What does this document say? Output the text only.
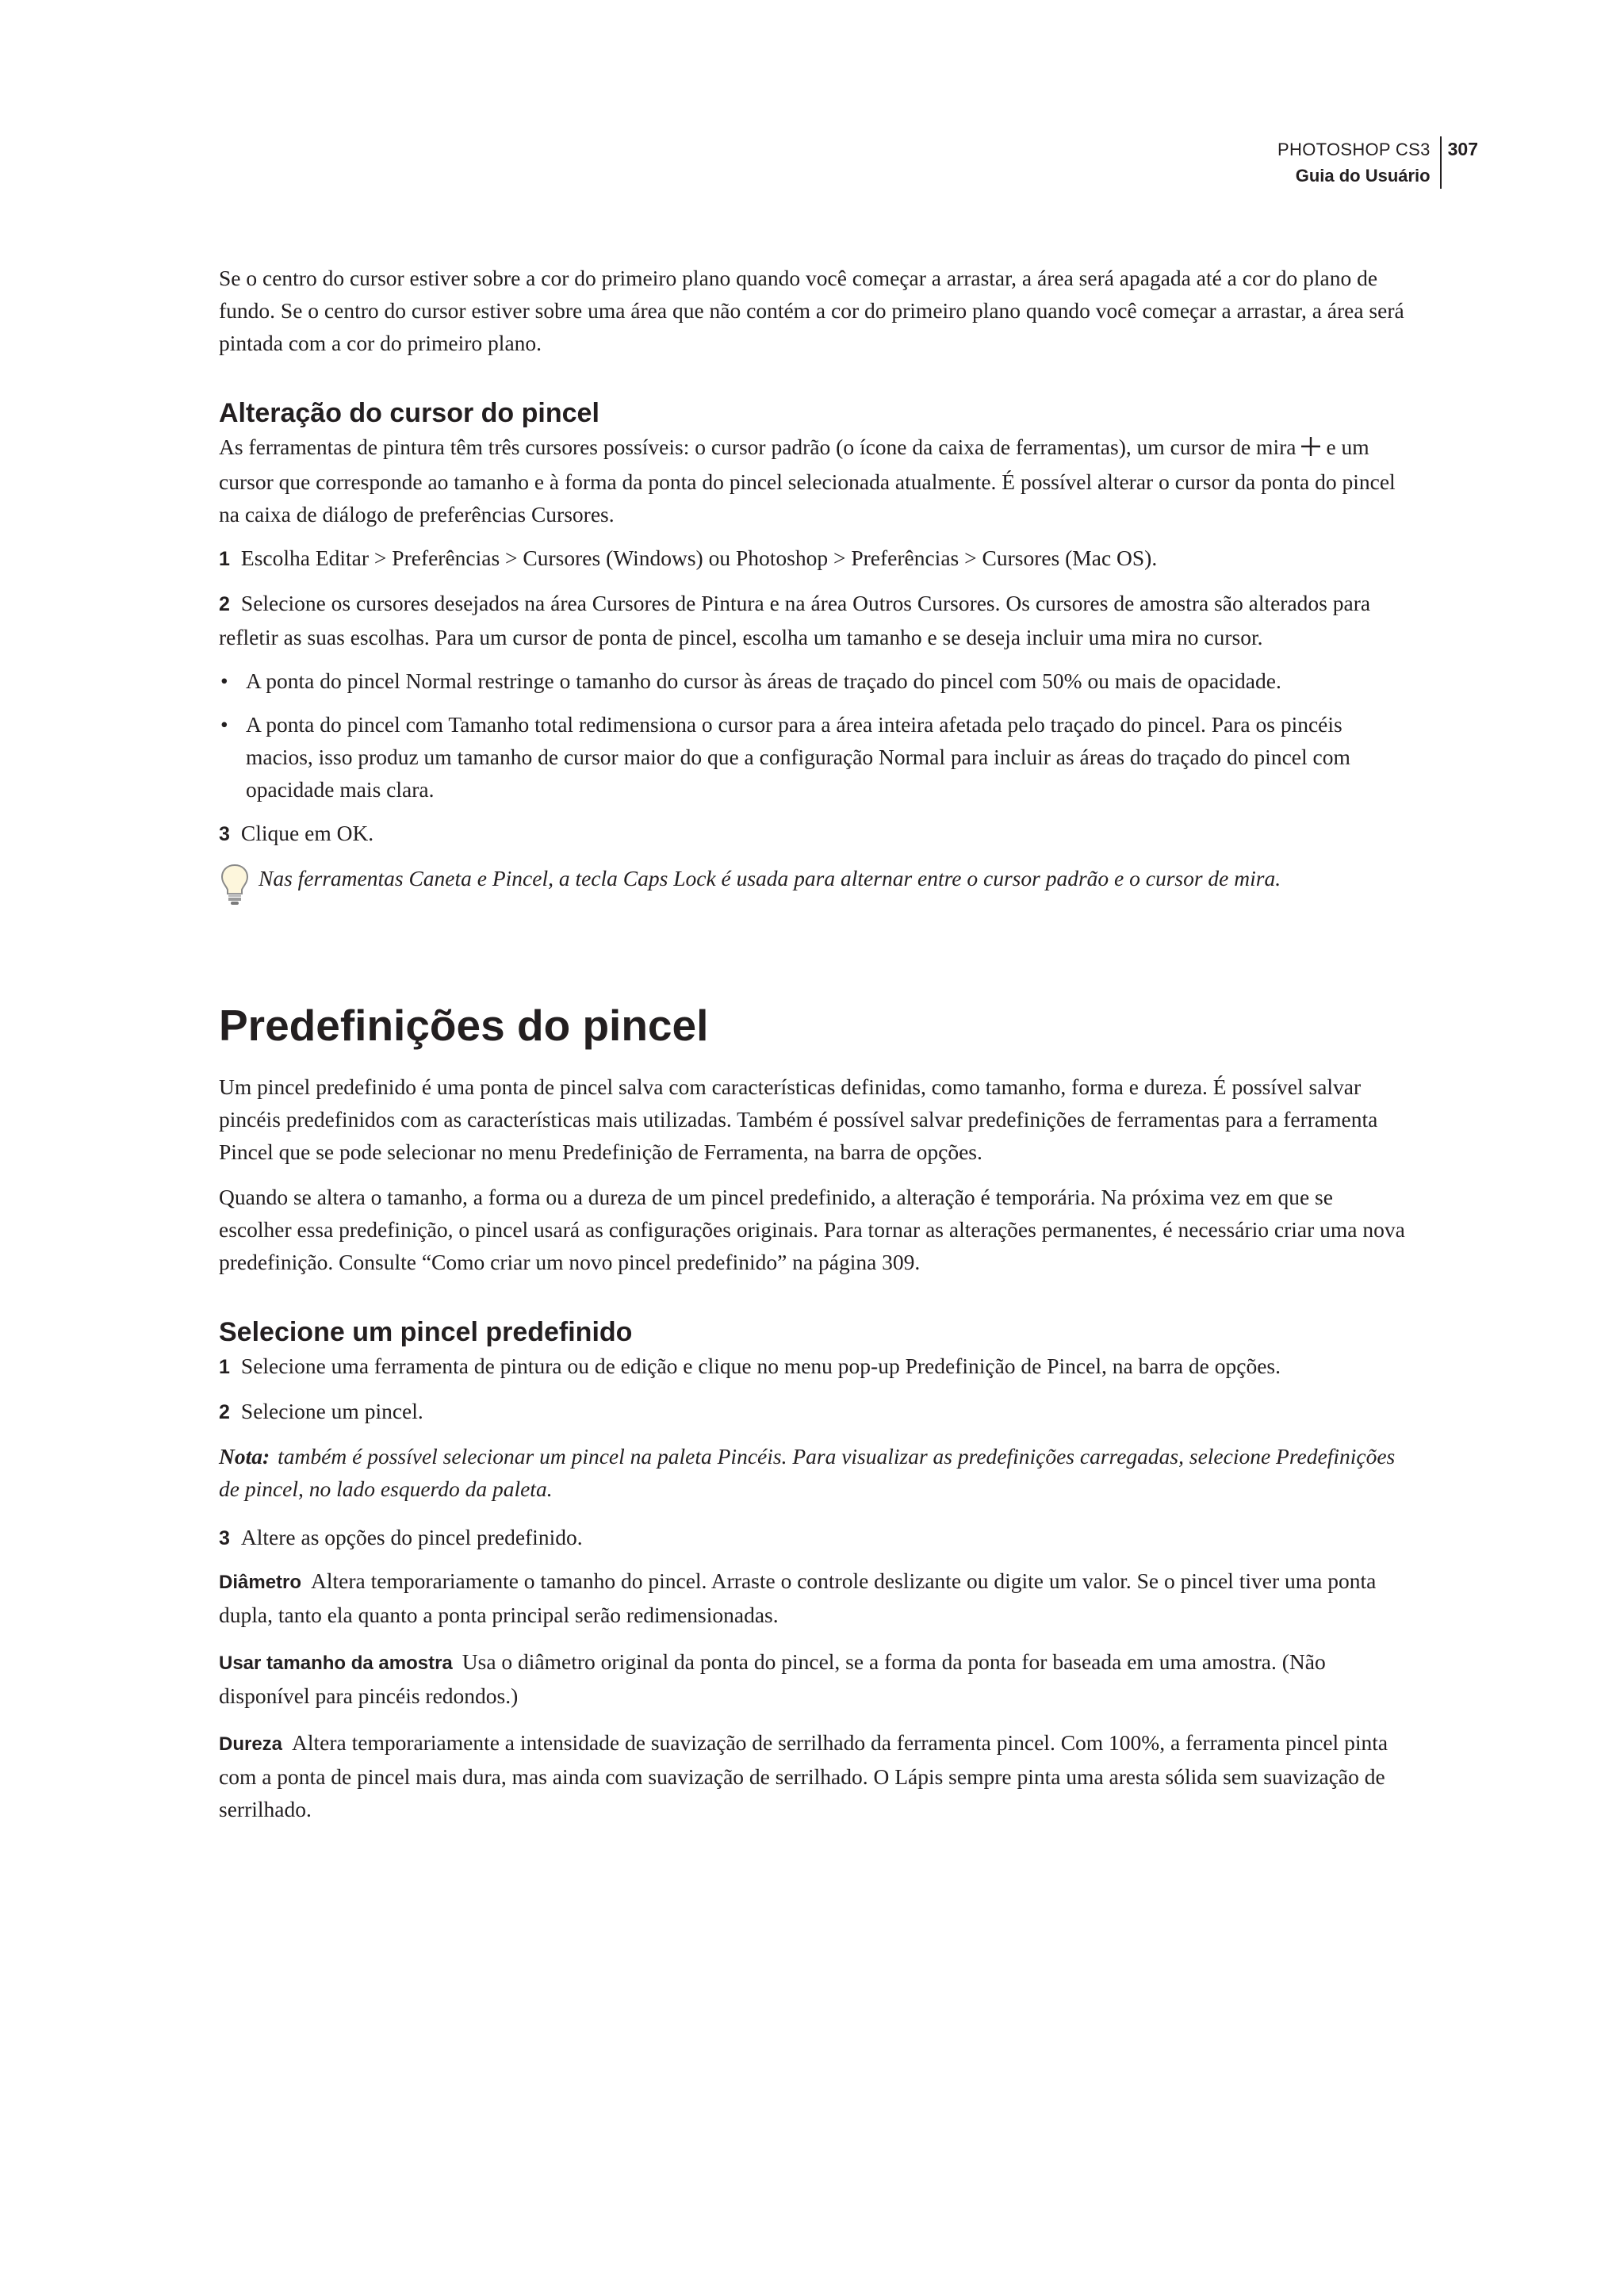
PHOTOSHOP CS3
Guia do Usuário
307

Se o centro do cursor estiver sobre a cor do primeiro plano quando você começar a arrastar, a área será apagada até a cor do plano de fundo. Se o centro do cursor estiver sobre uma área que não contém a cor do primeiro plano quando você começar a arrastar, a área será pintada com a cor do primeiro plano.

Alteração do cursor do pincel

As ferramentas de pintura têm três cursores possíveis: o cursor padrão (o ícone da caixa de ferramentas), um cursor de mira e um cursor que corresponde ao tamanho e à forma da ponta do pincel selecionada atualmente. É possível alterar o cursor da ponta do pincel na caixa de diálogo de preferências Cursores.

1 Escolha Editar > Preferências > Cursores (Windows) ou Photoshop > Preferências > Cursores (Mac OS).

2 Selecione os cursores desejados na área Cursores de Pintura e na área Outros Cursores. Os cursores de amostra são alterados para refletir as suas escolhas. Para um cursor de ponta de pincel, escolha um tamanho e se deseja incluir uma mira no cursor.

• A ponta do pincel Normal restringe o tamanho do cursor às áreas de traçado do pincel com 50% ou mais de opacidade.

• A ponta do pincel com Tamanho total redimensiona o cursor para a área inteira afetada pelo traçado do pincel. Para os pincéis macios, isso produz um tamanho de cursor maior do que a configuração Normal para incluir as áreas do traçado do pincel com opacidade mais clara.

3 Clique em OK.

Nas ferramentas Caneta e Pincel, a tecla Caps Lock é usada para alternar entre o cursor padrão e o cursor de mira.

Predefinições do pincel

Um pincel predefinido é uma ponta de pincel salva com características definidas, como tamanho, forma e dureza. É possível salvar pincéis predefinidos com as características mais utilizadas. Também é possível salvar predefinições de ferramentas para a ferramenta Pincel que se pode selecionar no menu Predefinição de Ferramenta, na barra de opções.

Quando se altera o tamanho, a forma ou a dureza de um pincel predefinido, a alteração é temporária. Na próxima vez em que se escolher essa predefinição, o pincel usará as configurações originais. Para tornar as alterações permanentes, é necessário criar uma nova predefinição. Consulte “Como criar um novo pincel predefinido” na página 309.

Selecione um pincel predefinido

1 Selecione uma ferramenta de pintura ou de edição e clique no menu pop-up Predefinição de Pincel, na barra de opções.

2 Selecione um pincel.

Nota: também é possível selecionar um pincel na paleta Pincéis. Para visualizar as predefinições carregadas, selecione Predefinições de pincel, no lado esquerdo da paleta.

3 Altere as opções do pincel predefinido.

Diâmetro Altera temporariamente o tamanho do pincel. Arraste o controle deslizante ou digite um valor. Se o pincel tiver uma ponta dupla, tanto ela quanto a ponta principal serão redimensionadas.

Usar tamanho da amostra Usa o diâmetro original da ponta do pincel, se a forma da ponta for baseada em uma amostra. (Não disponível para pincéis redondos.)

Dureza Altera temporariamente a intensidade de suavização de serrilhado da ferramenta pincel. Com 100%, a ferramenta pincel pinta com a ponta de pincel mais dura, mas ainda com suavização de serrilhado. O Lápis sempre pinta uma aresta sólida sem suavização de serrilhado.
